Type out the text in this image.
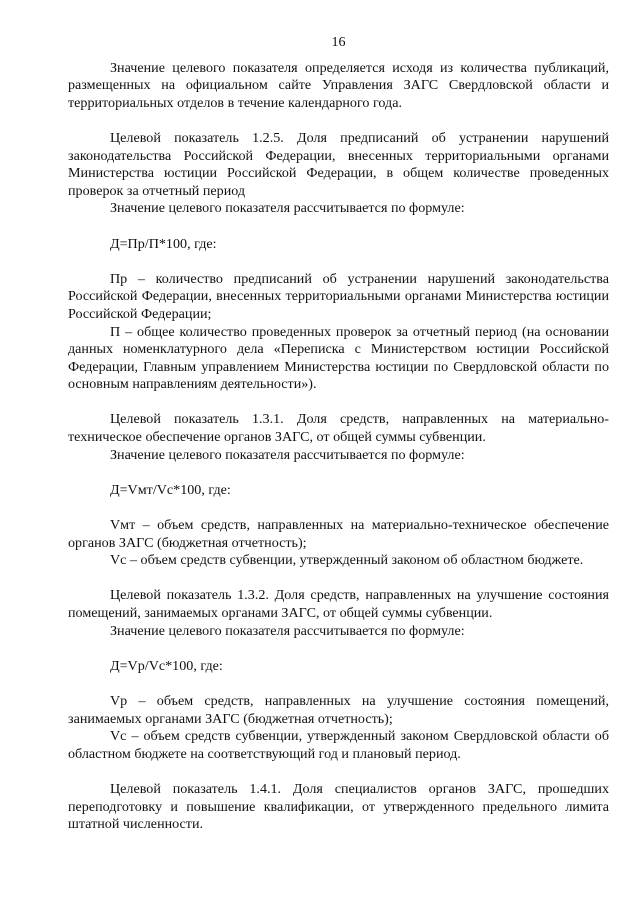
16

Значение целевого показателя определяется исходя из количества публикаций, размещенных на официальном сайте Управления ЗАГС Свердловской области и территориальных отделов в течение календарного года.

Целевой показатель 1.2.5. Доля предписаний об устранении нарушений законодательства Российской Федерации, внесенных территориальными органами Министерства юстиции Российской Федерации, в общем количестве проведенных проверок за отчетный период

Значение целевого показателя рассчитывается по формуле:

Д=Пр/П*100, где:

Пр – количество предписаний об устранении нарушений законодательства Российской Федерации, внесенных территориальными органами Министерства юстиции Российской Федерации;

П – общее количество проведенных проверок за отчетный период (на основании данных номенклатурного дела «Переписка с Министерством юстиции Российской Федерации, Главным управлением Министерства юстиции по Свердловской области по основным направлениям деятельности»).

Целевой показатель 1.3.1. Доля средств, направленных на материально-техническое обеспечение органов ЗАГС, от общей суммы субвенции.

Значение целевого показателя рассчитывается по формуле:

Д=Vмт/Vс*100, где:

Vмт – объем средств, направленных на материально-техническое обеспечение органов ЗАГС (бюджетная отчетность);

Vс – объем средств субвенции, утвержденный законом об областном бюджете.

Целевой показатель 1.3.2. Доля средств, направленных на улучшение состояния помещений, занимаемых органами ЗАГС, от общей суммы субвенции.

Значение целевого показателя рассчитывается по формуле:

Д=Vр/Vс*100, где:

Vр – объем средств, направленных на улучшение состояния помещений, занимаемых органами ЗАГС (бюджетная отчетность);

Vс – объем средств субвенции, утвержденный законом Свердловской области об областном бюджете на соответствующий год и плановый период.

Целевой показатель 1.4.1. Доля специалистов органов ЗАГС, прошедших переподготовку и повышение квалификации, от утвержденного предельного лимита штатной численности.
